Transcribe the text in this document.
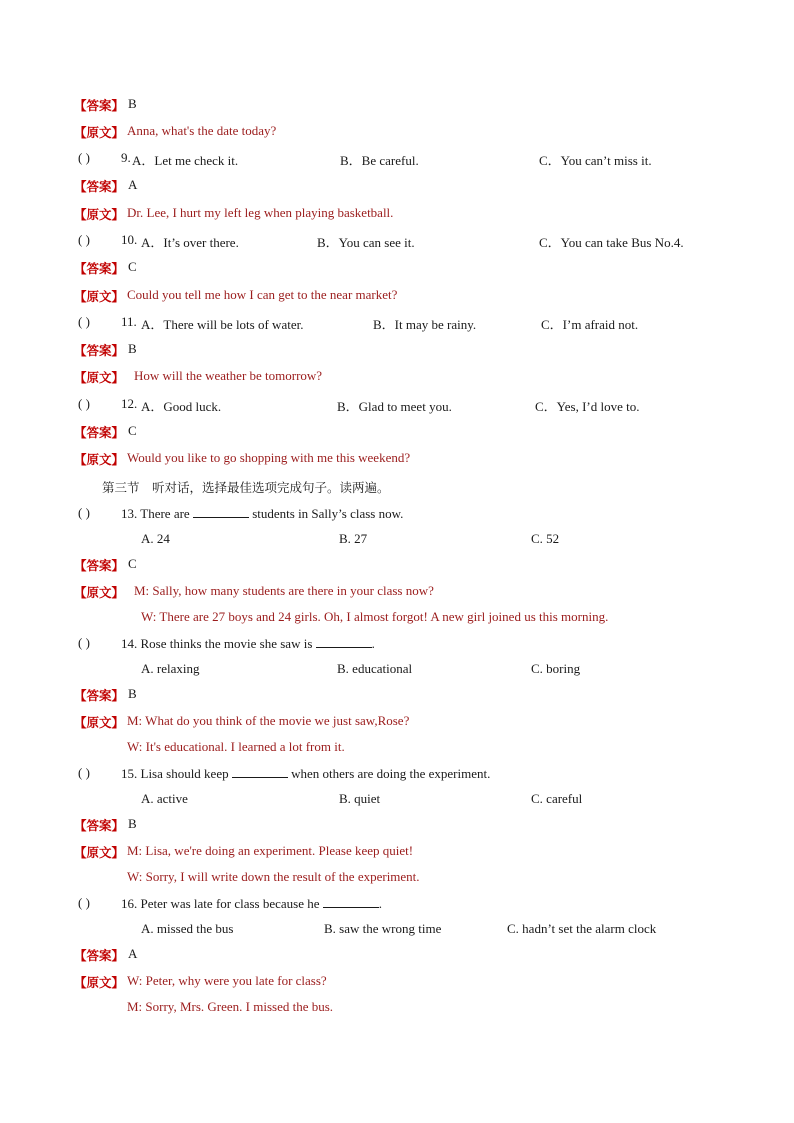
【答案】 B
【原文】 Anna, what's the date today?
( ) 9. A．Let me check it.	B．Be careful.	C．You can’t miss it.
【答案】 A
【原文】 Dr. Lee, I hurt my left leg when playing basketball.
( ) 10. A．It’s over there.	B．You can see it.	C．You can take Bus No.4.
【答案】 C
【原文】 Could you tell me how I can get to the near market?
( ) 11. A．There will be lots of water.	B．It may be rainy.	C．I’m afraid not.
【答案】 B
【原文】 How will the weather be tomorrow?
( ) 12. A．Good luck.	B．Glad to meet you.	C．Yes, I’d love to.
【答案】 C
【原文】 Would you like to go shopping with me this weekend?
第三节　听对话，选择最佳选项完成句子。读两遍。
( ) 13. There are	students in Sally’s class now.
A. 24	B. 27	C. 52
【答案】 C
【原文】 M: Sally, how many students are there in your class now?
W: There are 27 boys and 24 girls. Oh, I almost forgot! A new girl joined us this morning.
( ) 14. Rose thinks the movie she saw is	.
A. relaxing	B. educational	C. boring
【答案】 B
【原文】 M: What do you think of the movie we just saw,Rose?
W: It's educational. I learned a lot from it.
( ) 15. Lisa should keep	when others are doing the experiment.
A. active	B. quiet	C. careful
【答案】 B
【原文】 M: Lisa, we're doing an experiment. Please keep quiet!
W: Sorry, I will write down the result of the experiment.
( ) 16. Peter was late for class because he	.
A. missed the bus	B. saw the wrong time	C. hadn’t set the alarm clock
【答案】 A
【原文】 W: Peter, why were you late for class?
M: Sorry, Mrs. Green. I missed the bus.
